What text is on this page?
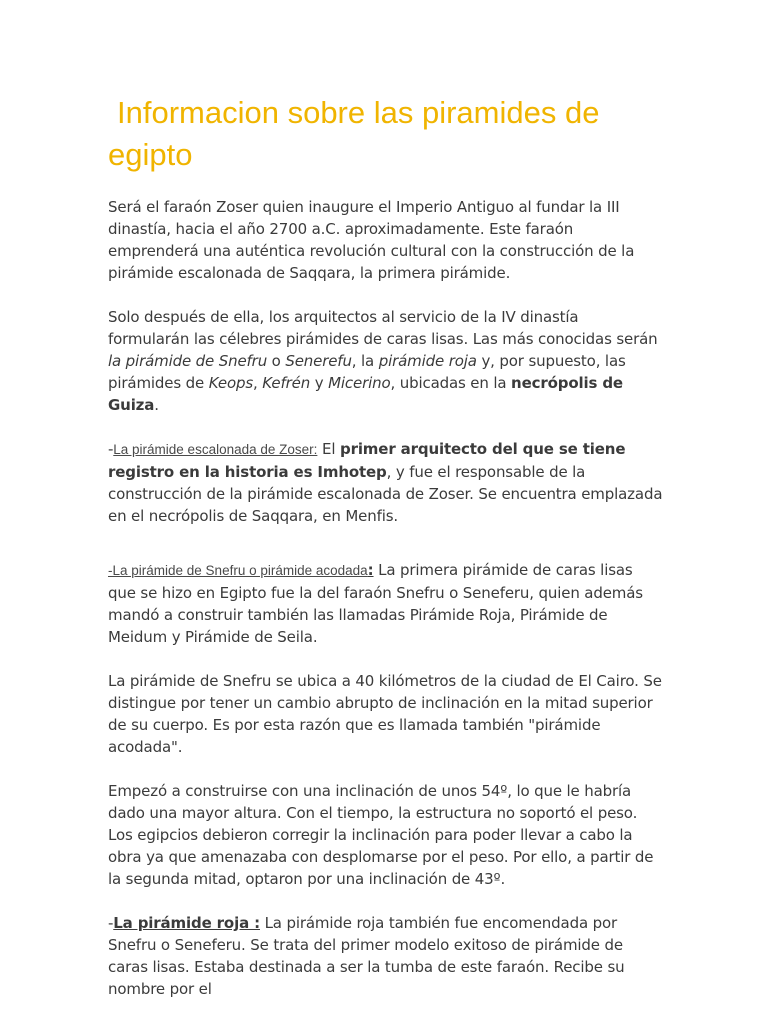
Informacion sobre las piramides de egipto

Será el faraón Zoser quien inaugure el Imperio Antiguo al fundar la III dinastía, hacia el año 2700 a.C. aproximadamente. Este faraón emprenderá una auténtica revolución cultural con la construcción de la pirámide escalonada de Saqqara, la primera pirámide.

Solo después de ella, los arquitectos al servicio de la IV dinastía formularán las célebres pirámides de caras lisas. Las más conocidas serán la pirámide de Snefru o Senerefu, la pirámide roja y, por supuesto, las pirámides de Keops, Kefrén y Micerino, ubicadas en la necrópolis de Guiza.

-La pirámide escalonada de Zoser: El primer arquitecto del que se tiene registro en la historia es Imhotep, y fue el responsable de la construcción de la pirámide escalonada de Zoser. Se encuentra emplazada en el necrópolis de Saqqara, en Menfis.

-La pirámide de Snefru o pirámide acodada: La primera pirámide de caras lisas que se hizo en Egipto fue la del faraón Snefru o Seneferu, quien además mandó a construir también las llamadas Pirámide Roja, Pirámide de Meidum y Pirámide de Seila.

La pirámide de Snefru se ubica a 40 kilómetros de la ciudad de El Cairo. Se distingue por tener un cambio abrupto de inclinación en la mitad superior de su cuerpo. Es por esta razón que es llamada también "pirámide acodada".

Empezó a construirse con una inclinación de unos 54º, lo que le habría dado una mayor altura. Con el tiempo, la estructura no soportó el peso. Los egipcios debieron corregir la inclinación para poder llevar a cabo la obra ya que amenazaba con desplomarse por el peso. Por ello, a partir de la segunda mitad, optaron por una inclinación de 43º.

-La pirámide roja : La pirámide roja también fue encomendada por Snefru o Seneferu. Se trata del primer modelo exitoso de pirámide de caras lisas. Estaba destinada a ser la tumba de este faraón. Recibe su nombre por el
